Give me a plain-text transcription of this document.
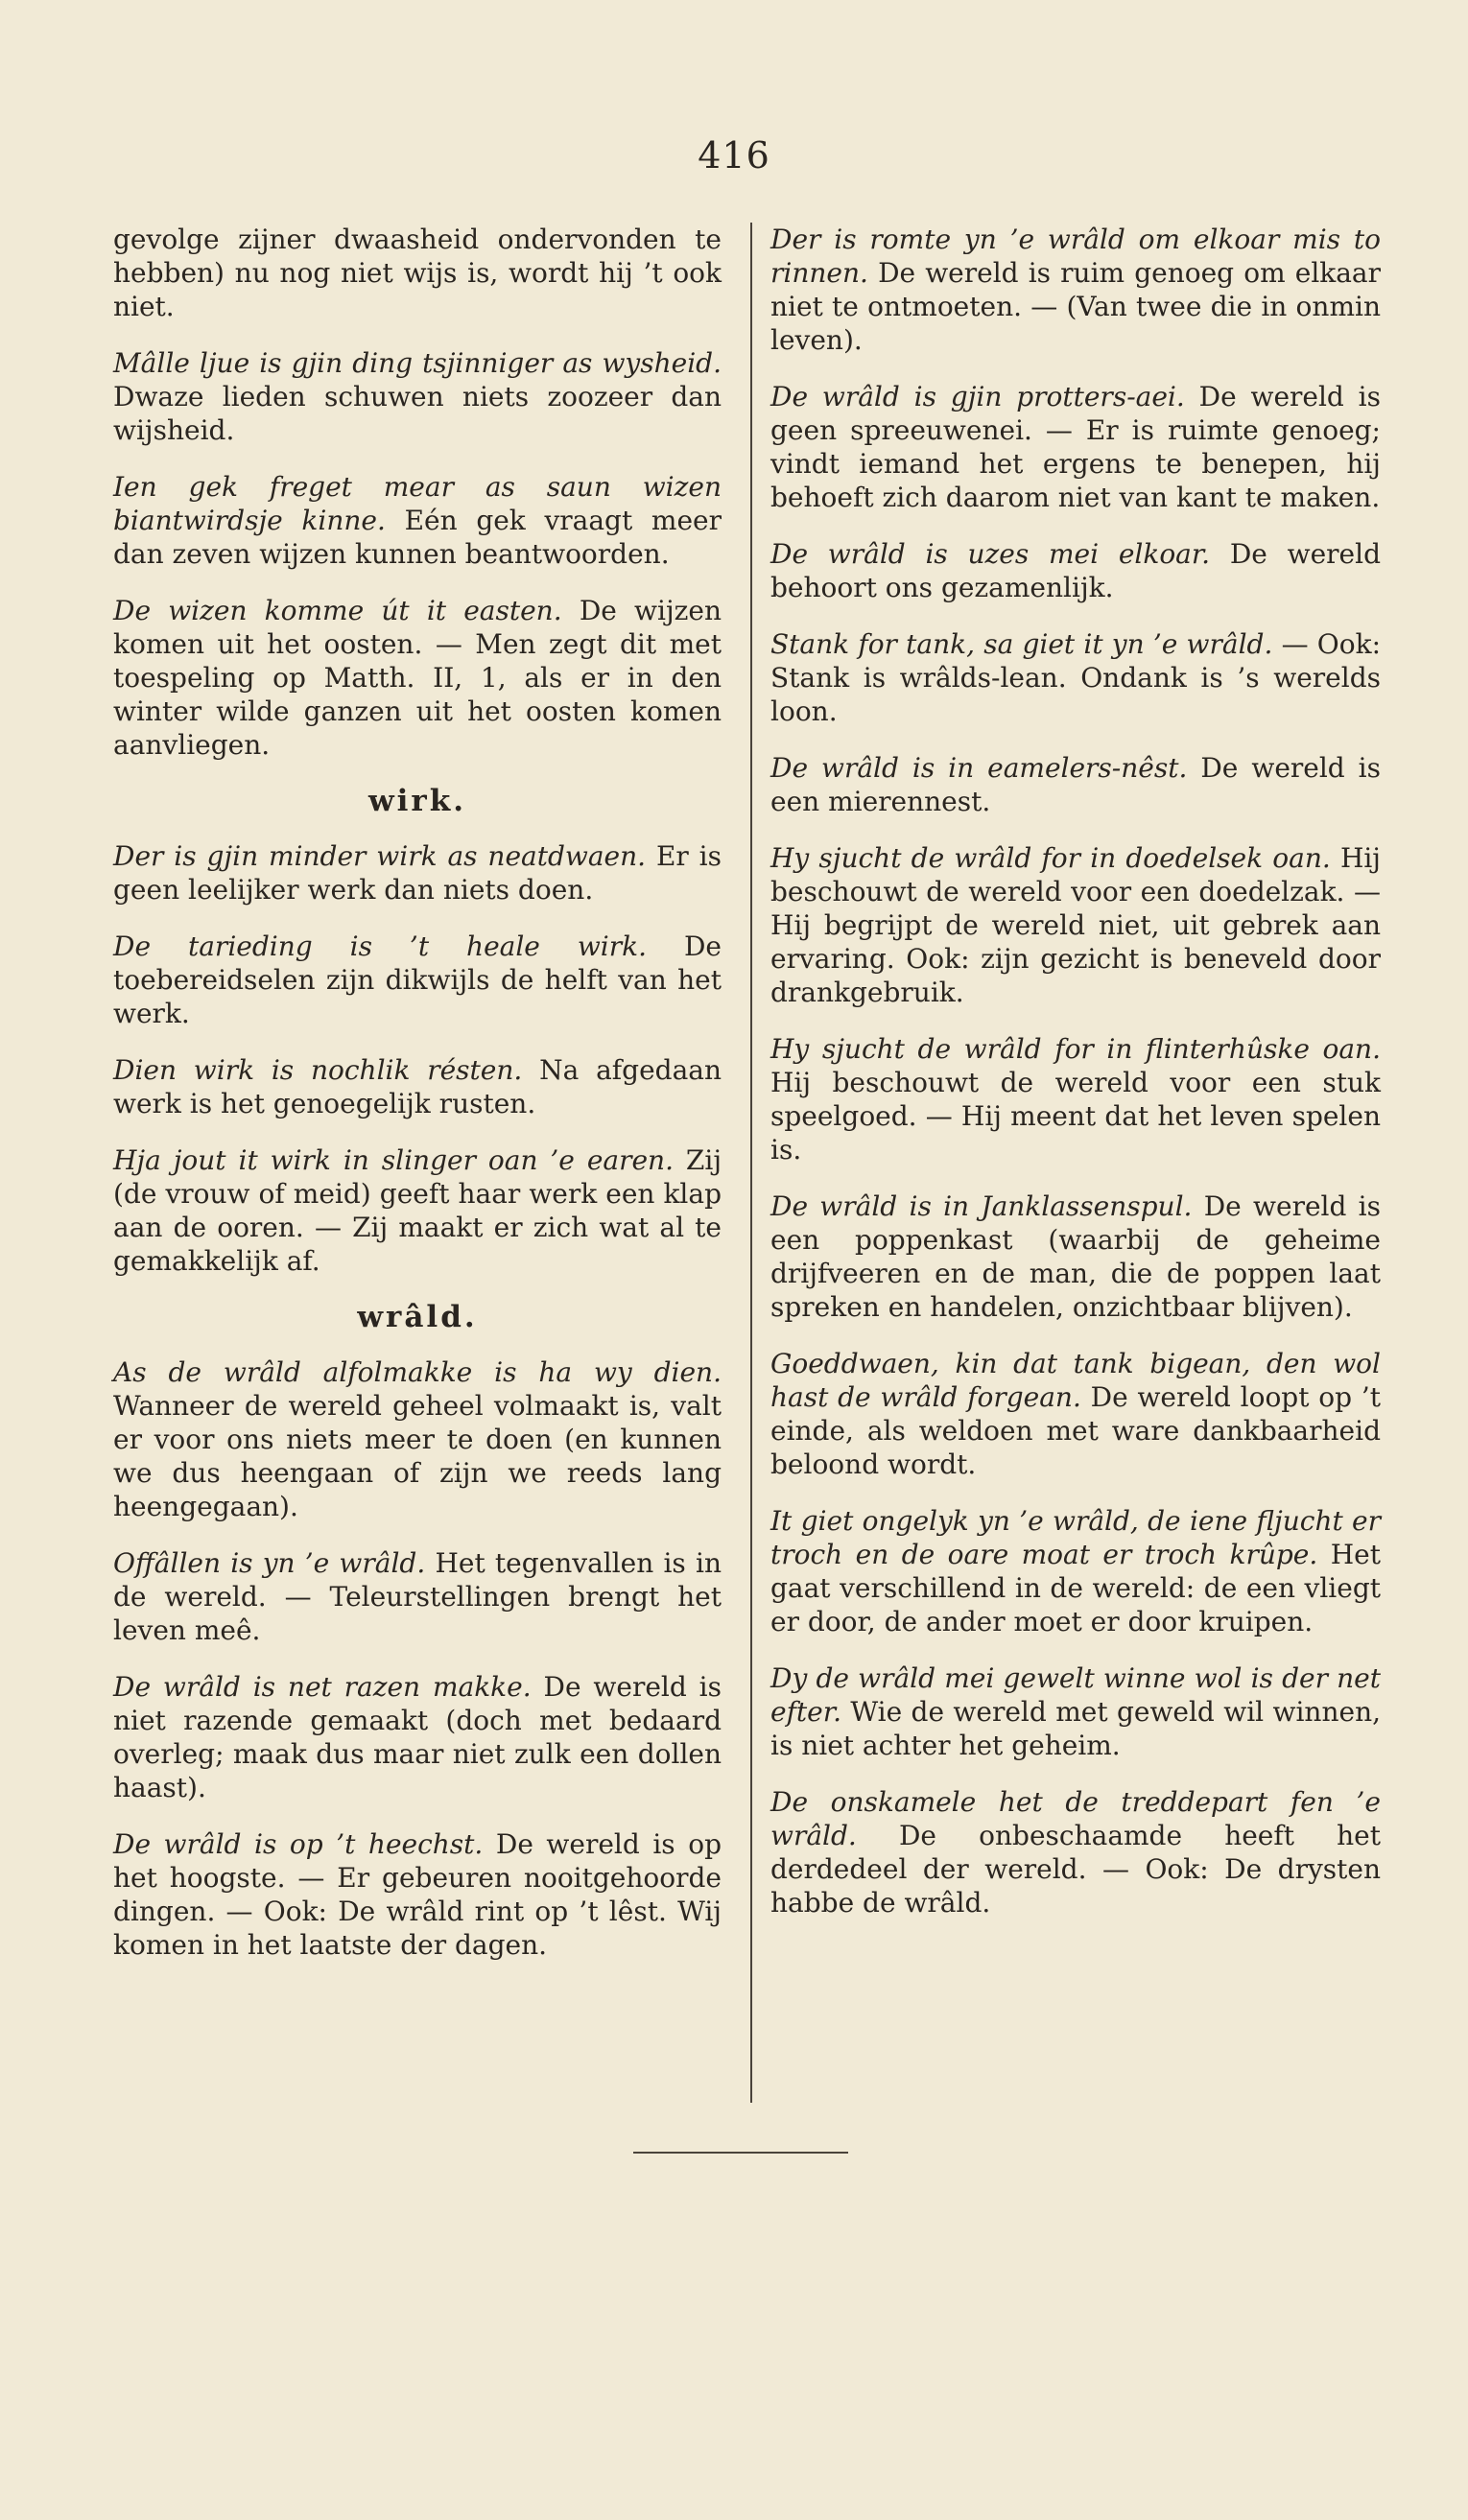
416

gevolge zijner dwaasheid ondervonden te hebben) nu nog niet wijs is, wordt hij ’t ook niet.

Mâlle ljue is gjin ding tsjinniger as wysheid. Dwaze lieden schuwen niets zoozeer dan wijsheid.

Ien gek freget mear as saun wizen biantwirdsje kinne. Eén gek vraagt meer dan zeven wijzen kunnen beantwoorden.

De wizen komme út it easten. De wijzen komen uit het oosten. — Men zegt dit met toespeling op Matth. II, 1, als er in den winter wilde ganzen uit het oosten komen aanvliegen.

wirk.

Der is gjin minder wirk as neatdwaen. Er is geen leelijker werk dan niets doen.

De tarieding is ’t heale wirk. De toebereidselen zijn dikwijls de helft van het werk.

Dien wirk is nochlik résten. Na afgedaan werk is het genoegelijk rusten.

Hja jout it wirk in slinger oan ’e earen. Zij (de vrouw of meid) geeft haar werk een klap aan de ooren. — Zij maakt er zich wat al te gemakkelijk af.

wrâld.

As de wrâld alfolmakke is ha wy dien. Wanneer de wereld geheel volmaakt is, valt er voor ons niets meer te doen (en kunnen we dus heengaan of zijn we reeds lang heengegaan).

Offâllen is yn ’e wrâld. Het tegenvallen is in de wereld. — Teleurstellingen brengt het leven meê.

De wrâld is net razen makke. De wereld is niet razende gemaakt (doch met bedaard overleg; maak dus maar niet zulk een dollen haast).

De wrâld is op ’t heechst. De wereld is op het hoogste. — Er gebeuren nooitgehoorde dingen. — Ook: De wrâld rint op ’t lêst. Wij komen in het laatste der dagen.

Der is romte yn ’e wrâld om elkoar mis to rinnen. De wereld is ruim genoeg om elkaar niet te ontmoeten. — (Van twee die in onmin leven).

De wrâld is gjin protters-aei. De wereld is geen spreeuwenei. — Er is ruimte genoeg; vindt iemand het ergens te benepen, hij behoeft zich daarom niet van kant te maken.

De wrâld is uzes mei elkoar. De wereld behoort ons gezamenlijk.

Stank for tank, sa giet it yn ’e wrâld. — Ook: Stank is wrâlds-lean. Ondank is ’s werelds loon.

De wrâld is in eamelers-nêst. De wereld is een mierennest.

Hy sjucht de wrâld for in doedelsek oan. Hij beschouwt de wereld voor een doedelzak. — Hij begrijpt de wereld niet, uit gebrek aan ervaring. Ook: zijn gezicht is beneveld door drankgebruik.

Hy sjucht de wrâld for in flinterhûske oan. Hij beschouwt de wereld voor een stuk speelgoed. — Hij meent dat het leven spelen is.

De wrâld is in Janklassenspul. De wereld is een poppenkast (waarbij de geheime drijfveeren en de man, die de poppen laat spreken en handelen, onzichtbaar blijven).

Goeddwaen, kin dat tank bigean, den wol hast de wrâld forgean. De wereld loopt op ’t einde, als weldoen met ware dankbaarheid beloond wordt.

It giet ongelyk yn ’e wrâld, de iene fljucht er troch en de oare moat er troch krûpe. Het gaat verschillend in de wereld: de een vliegt er door, de ander moet er door kruipen.

Dy de wrâld mei gewelt winne wol is der net efter. Wie de wereld met geweld wil winnen, is niet achter het geheim.

De onskamele het de treddepart fen ’e wrâld. De onbeschaamde heeft het derdedeel der wereld. — Ook: De drysten habbe de wrâld.
